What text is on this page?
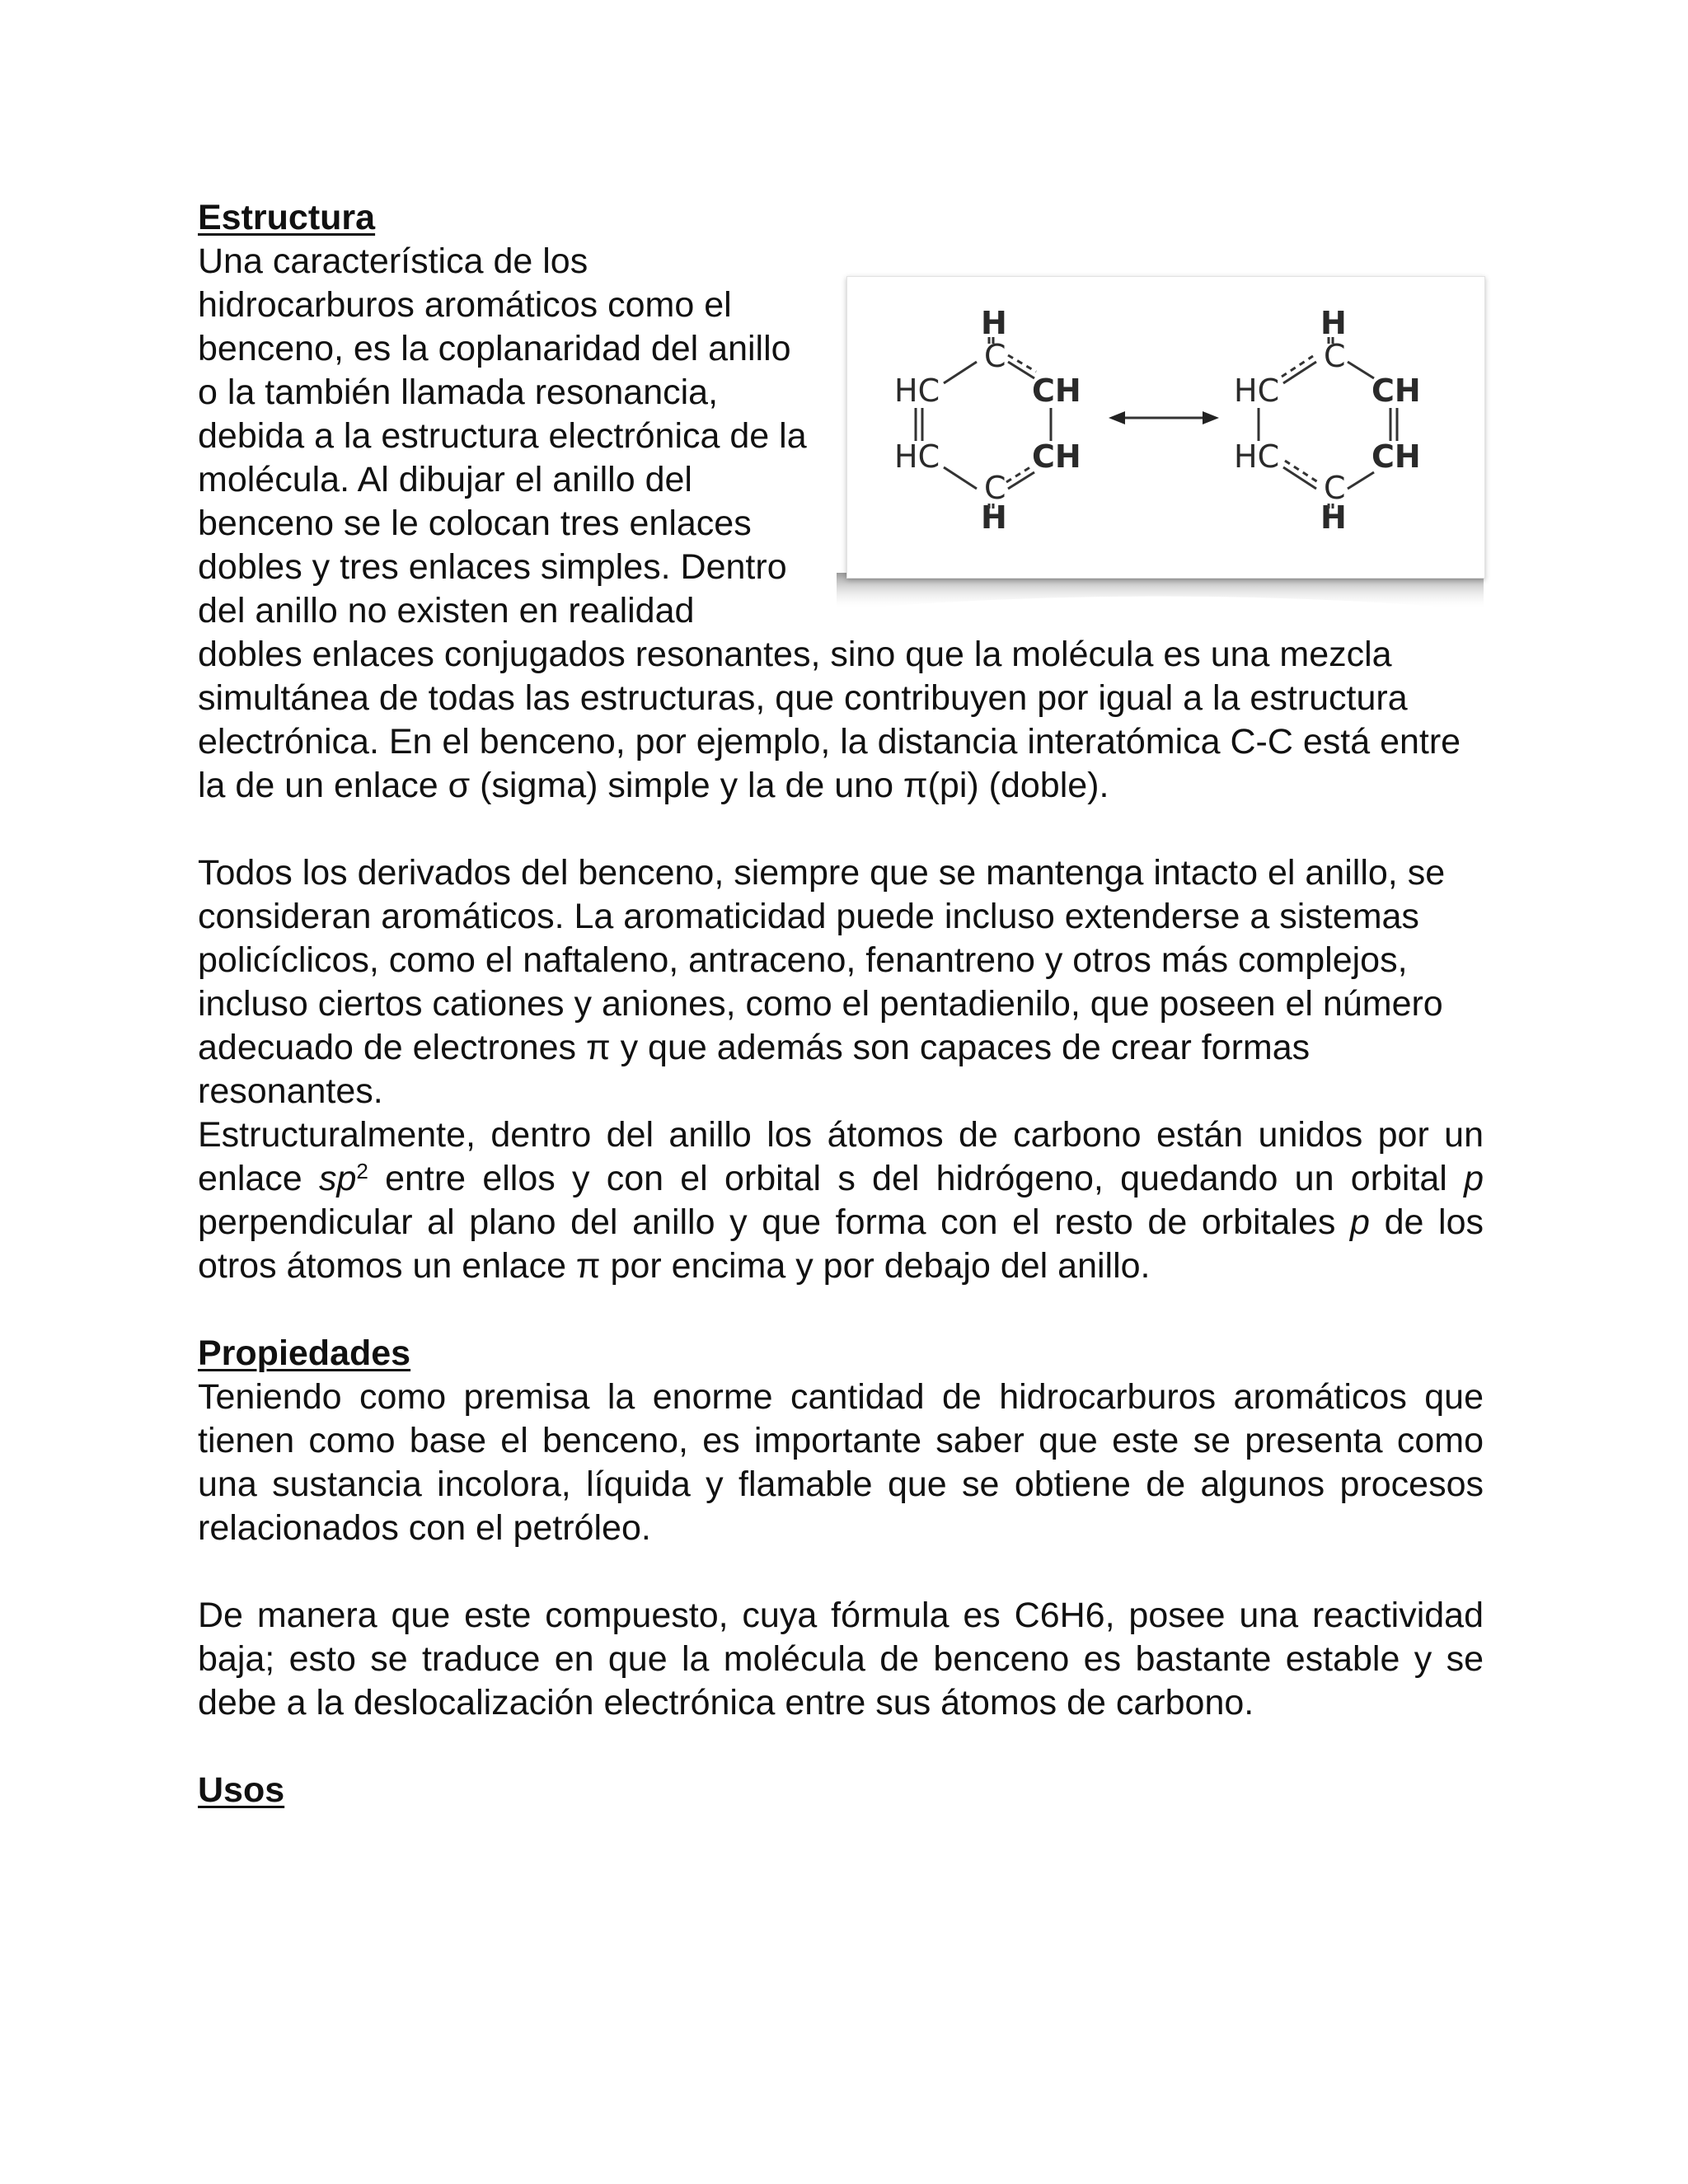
Estructura

H
C
HC	CH
HC	CH
C
H
H
C
HC	CH
HC	CH
C
H

Una característica de los hidrocarburos aromáticos como el benceno, es la coplanaridad del anillo o la también llamada resonancia, debida a la estructura electrónica de la molécula. Al dibujar el anillo del benceno se le colocan tres enlaces dobles y tres enlaces simples. Dentro del anillo no existen en realidad dobles enlaces conjugados resonantes, sino que la molécula es una mezcla simultánea de todas las estructuras, que contribuyen por igual a la estructura electrónica. En el benceno, por ejemplo, la distancia interatómica C-C está entre la de un enlace σ (sigma) simple y la de uno π(pi) (doble).

Todos los derivados del benceno, siempre que se mantenga intacto el anillo, se consideran aromáticos. La aromaticidad puede incluso extenderse a sistemas policíclicos, como el naftaleno, antraceno, fenantreno y otros más complejos, incluso ciertos cationes y aniones, como el pentadienilo, que poseen el número adecuado de electrones π y que además son capaces de crear formas resonantes.

Estructuralmente, dentro del anillo los átomos de carbono están unidos por un enlace $sp^2$ entre ellos y con el orbital s del hidrógeno, quedando un orbital p perpendicular al plano del anillo y que forma con el resto de orbitales p de los otros átomos un enlace π por encima y por debajo del anillo.

Propiedades

Teniendo como premisa la enorme cantidad de hidrocarburos aromáticos que tienen como base el benceno, es importante saber que este se presenta como una sustancia incolora, líquida y flamable que se obtiene de algunos procesos relacionados con el petróleo.

De manera que este compuesto, cuya fórmula es C6H6, posee una reactividad baja; esto se traduce en que la molécula de benceno es bastante estable y se debe a la deslocalización electrónica entre sus átomos de carbono.

Usos
